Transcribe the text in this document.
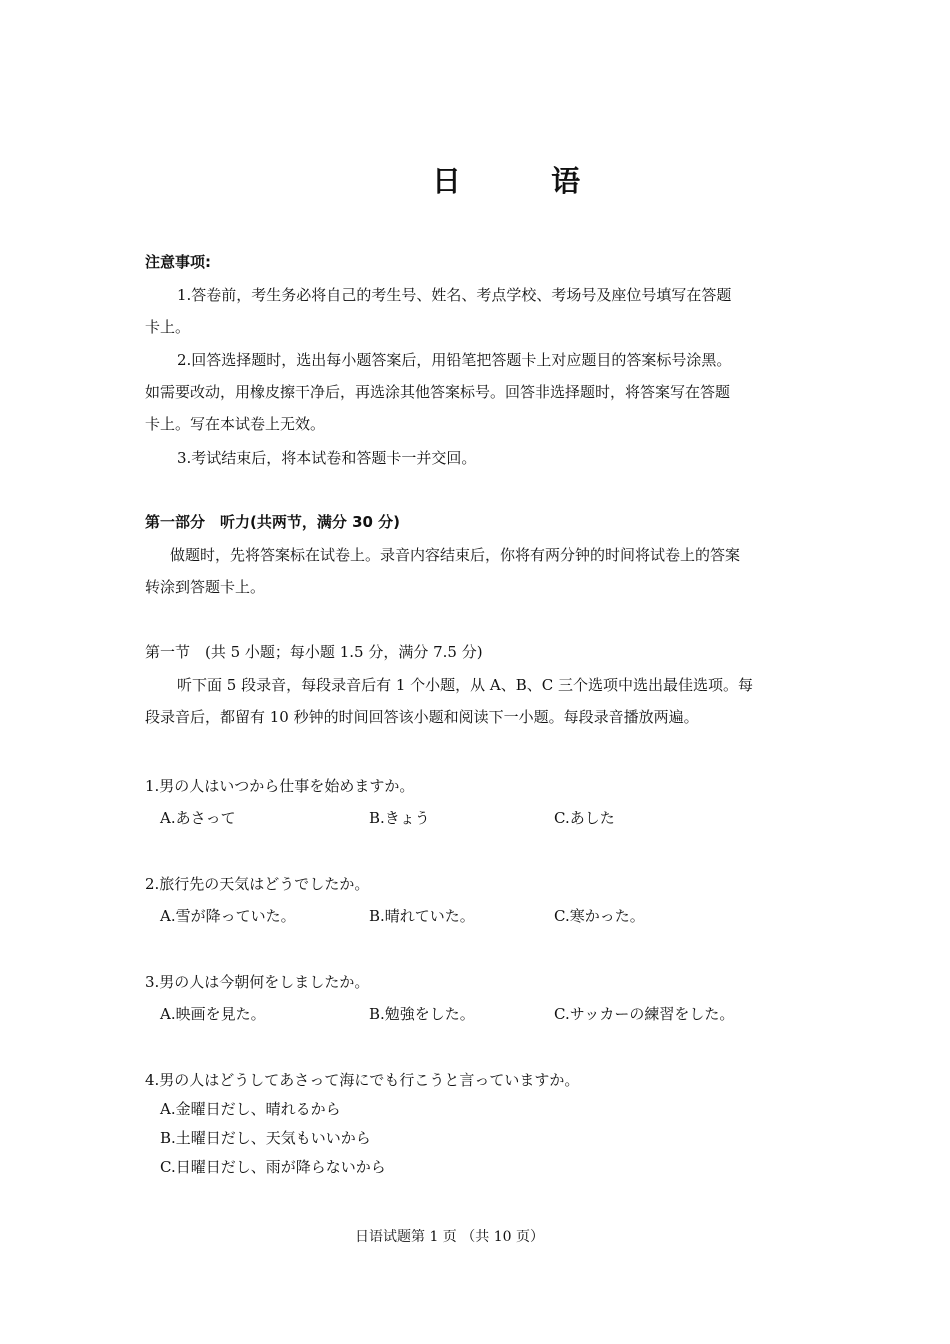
日 语
注意事项:
1.答卷前，考生务必将自己的考生号、姓名、考点学校、考场号及座位号填写在答题
卡上。
2.回答选择题时，选出每小题答案后，用铅笔把答题卡上对应题目的答案标号涂黑。
如需要改动，用橡皮擦干净后，再选涂其他答案标号。回答非选择题时，将答案写在答题
卡上。写在本试卷上无效。
3.考试结束后，将本试卷和答题卡一并交回。
第一部分　听力(共两节，满分 30 分)
做题时，先将答案标在试卷上。录音内容结束后，你将有两分钟的时间将试卷上的答案
转涂到答题卡上。
第一节　(共 5 小题；每小题 1.5 分，满分 7.5 分)
听下面 5 段录音，每段录音后有 1 个小题，从 A、B、C 三个选项中选出最佳选项。每
段录音后，都留有 10 秒钟的时间回答该小题和阅读下一小题。每段录音播放两遍。
1.男の人はいつから仕事を始めますか。
A.あさって	B.きょう	C.あした
2.旅行先の天気はどうでしたか。
A.雪が降っていた。	B.晴れていた。	C.寒かった。
3.男の人は今朝何をしましたか。
A.映画を見た。	B.勉強をした。	C.サッカーの練習をした。
4.男の人はどうしてあさって海にでも行こうと言っていますか。
A.金曜日だし、晴れるから
B.土曜日だし、天気もいいから
C.日曜日だし、雨が降らないから
日语试题第 1 页 （共 10 页）
